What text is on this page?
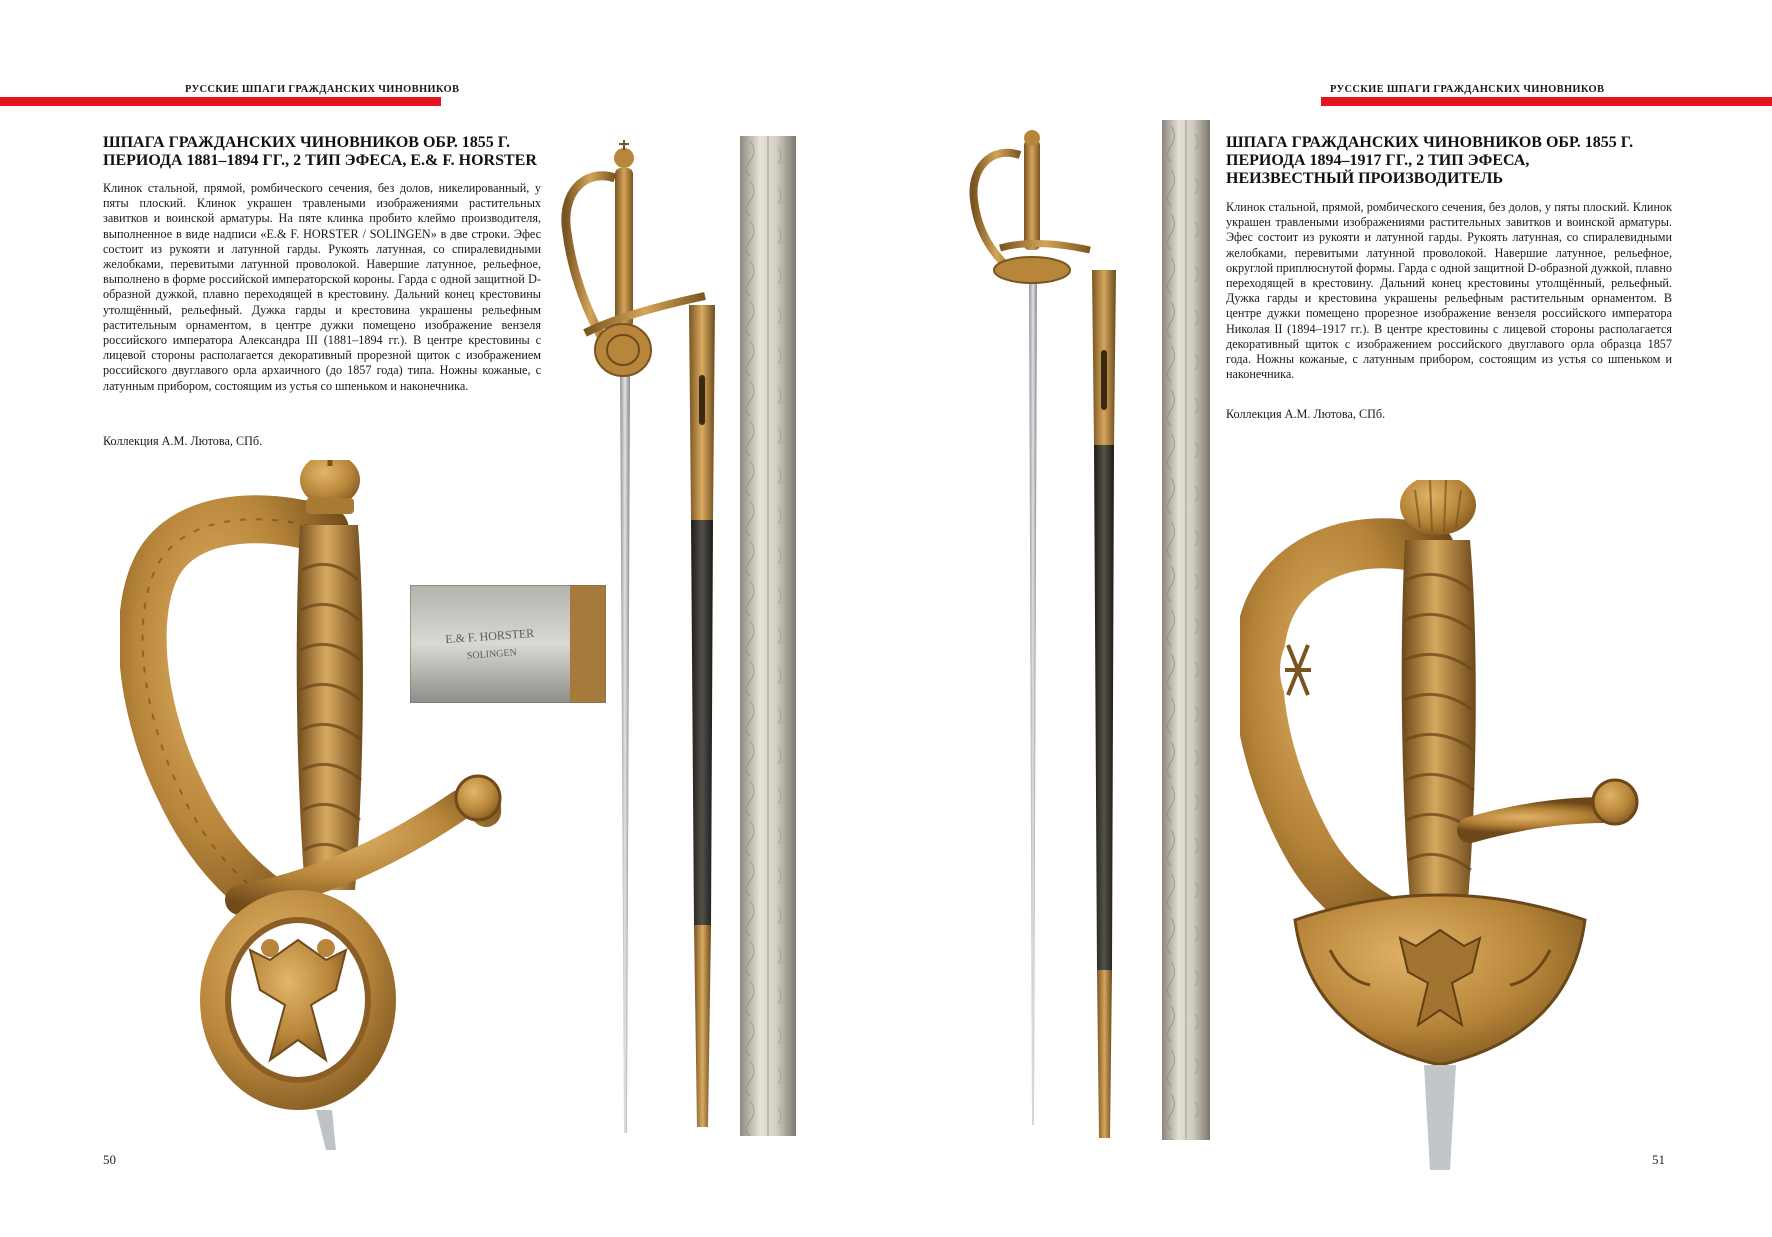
РУССКИЕ ШПАГИ ГРАЖДАНСКИХ ЧИНОВНИКОВ
ШПАГА ГРАЖДАНСКИХ ЧИНОВНИКОВ ОБР. 1855 Г.
ПЕРИОДА 1881–1894 ГГ., 2 ТИП ЭФЕСА, E.& F. HORSTER

Клинок стальной, прямой, ромбического сечения, без долов, никелированный, у пяты плоский. Клинок украшен травлеными изображениями растительных завитков и воинской арматуры. На пяте клинка пробито клеймо производителя, выполненное в виде надписи «E.& F. HORSTER / SOLINGEN» в две строки. Эфес состоит из рукояти и латунной гарды. Рукоять латунная, со спиралевидными желобками, перевитыми латунной проволокой. Навершие латунное, рельефное, выполнено в форме российской императорской короны. Гарда с одной защитной D-образной дужкой, плавно переходящей в крестовину. Дальний конец крестовины утолщённый, рельефный. Дужка гарды и крестовина украшены рельефным растительным орнаментом, в центре дужки помещено изображение вензеля российского императора Александра III (1881–1894 гг.). В центре крестовины с лицевой стороны располагается декоративный прорезной щиток с изображением российского двуглавого орла архаичного (до 1857 года) типа. Ножны кожаные, с латунным прибором, состоящим из устья со шпеньком и наконечника.

Коллекция А.М. Лютова, СПб.
50
E.& F. HORSTER
SOLINGEN
РУССКИЕ ШПАГИ ГРАЖДАНСКИХ ЧИНОВНИКОВ
ШПАГА ГРАЖДАНСКИХ ЧИНОВНИКОВ ОБР. 1855 Г.
ПЕРИОДА 1894–1917 ГГ., 2 ТИП ЭФЕСА,
НЕИЗВЕСТНЫЙ ПРОИЗВОДИТЕЛЬ

Клинок стальной, прямой, ромбического сечения, без долов, у пяты плоский. Клинок украшен травлеными изображениями растительных завитков и воинской арматуры. Эфес состоит из рукояти и латунной гарды. Рукоять латунная, со спиралевидными желобками, перевитыми латунной проволокой. Навершие латунное, рельефное, округлой приплюснутой формы. Гарда с одной защитной D-образной дужкой, плавно переходящей в крестовину. Дальний конец крестовины утолщённый, рельефный. Дужка гарды и крестовина украшены рельефным растительным орнаментом. В центре дужки помещено прорезное изображение вензеля российского императора Николая II (1894–1917 гг.). В центре крестовины с лицевой стороны располагается декоративный щиток с изображением российского двуглавого орла образца 1857 года. Ножны кожаные, с латунным прибором, состоящим из устья со шпеньком и наконечника.

Коллекция А.М. Лютова, СПб.
51
